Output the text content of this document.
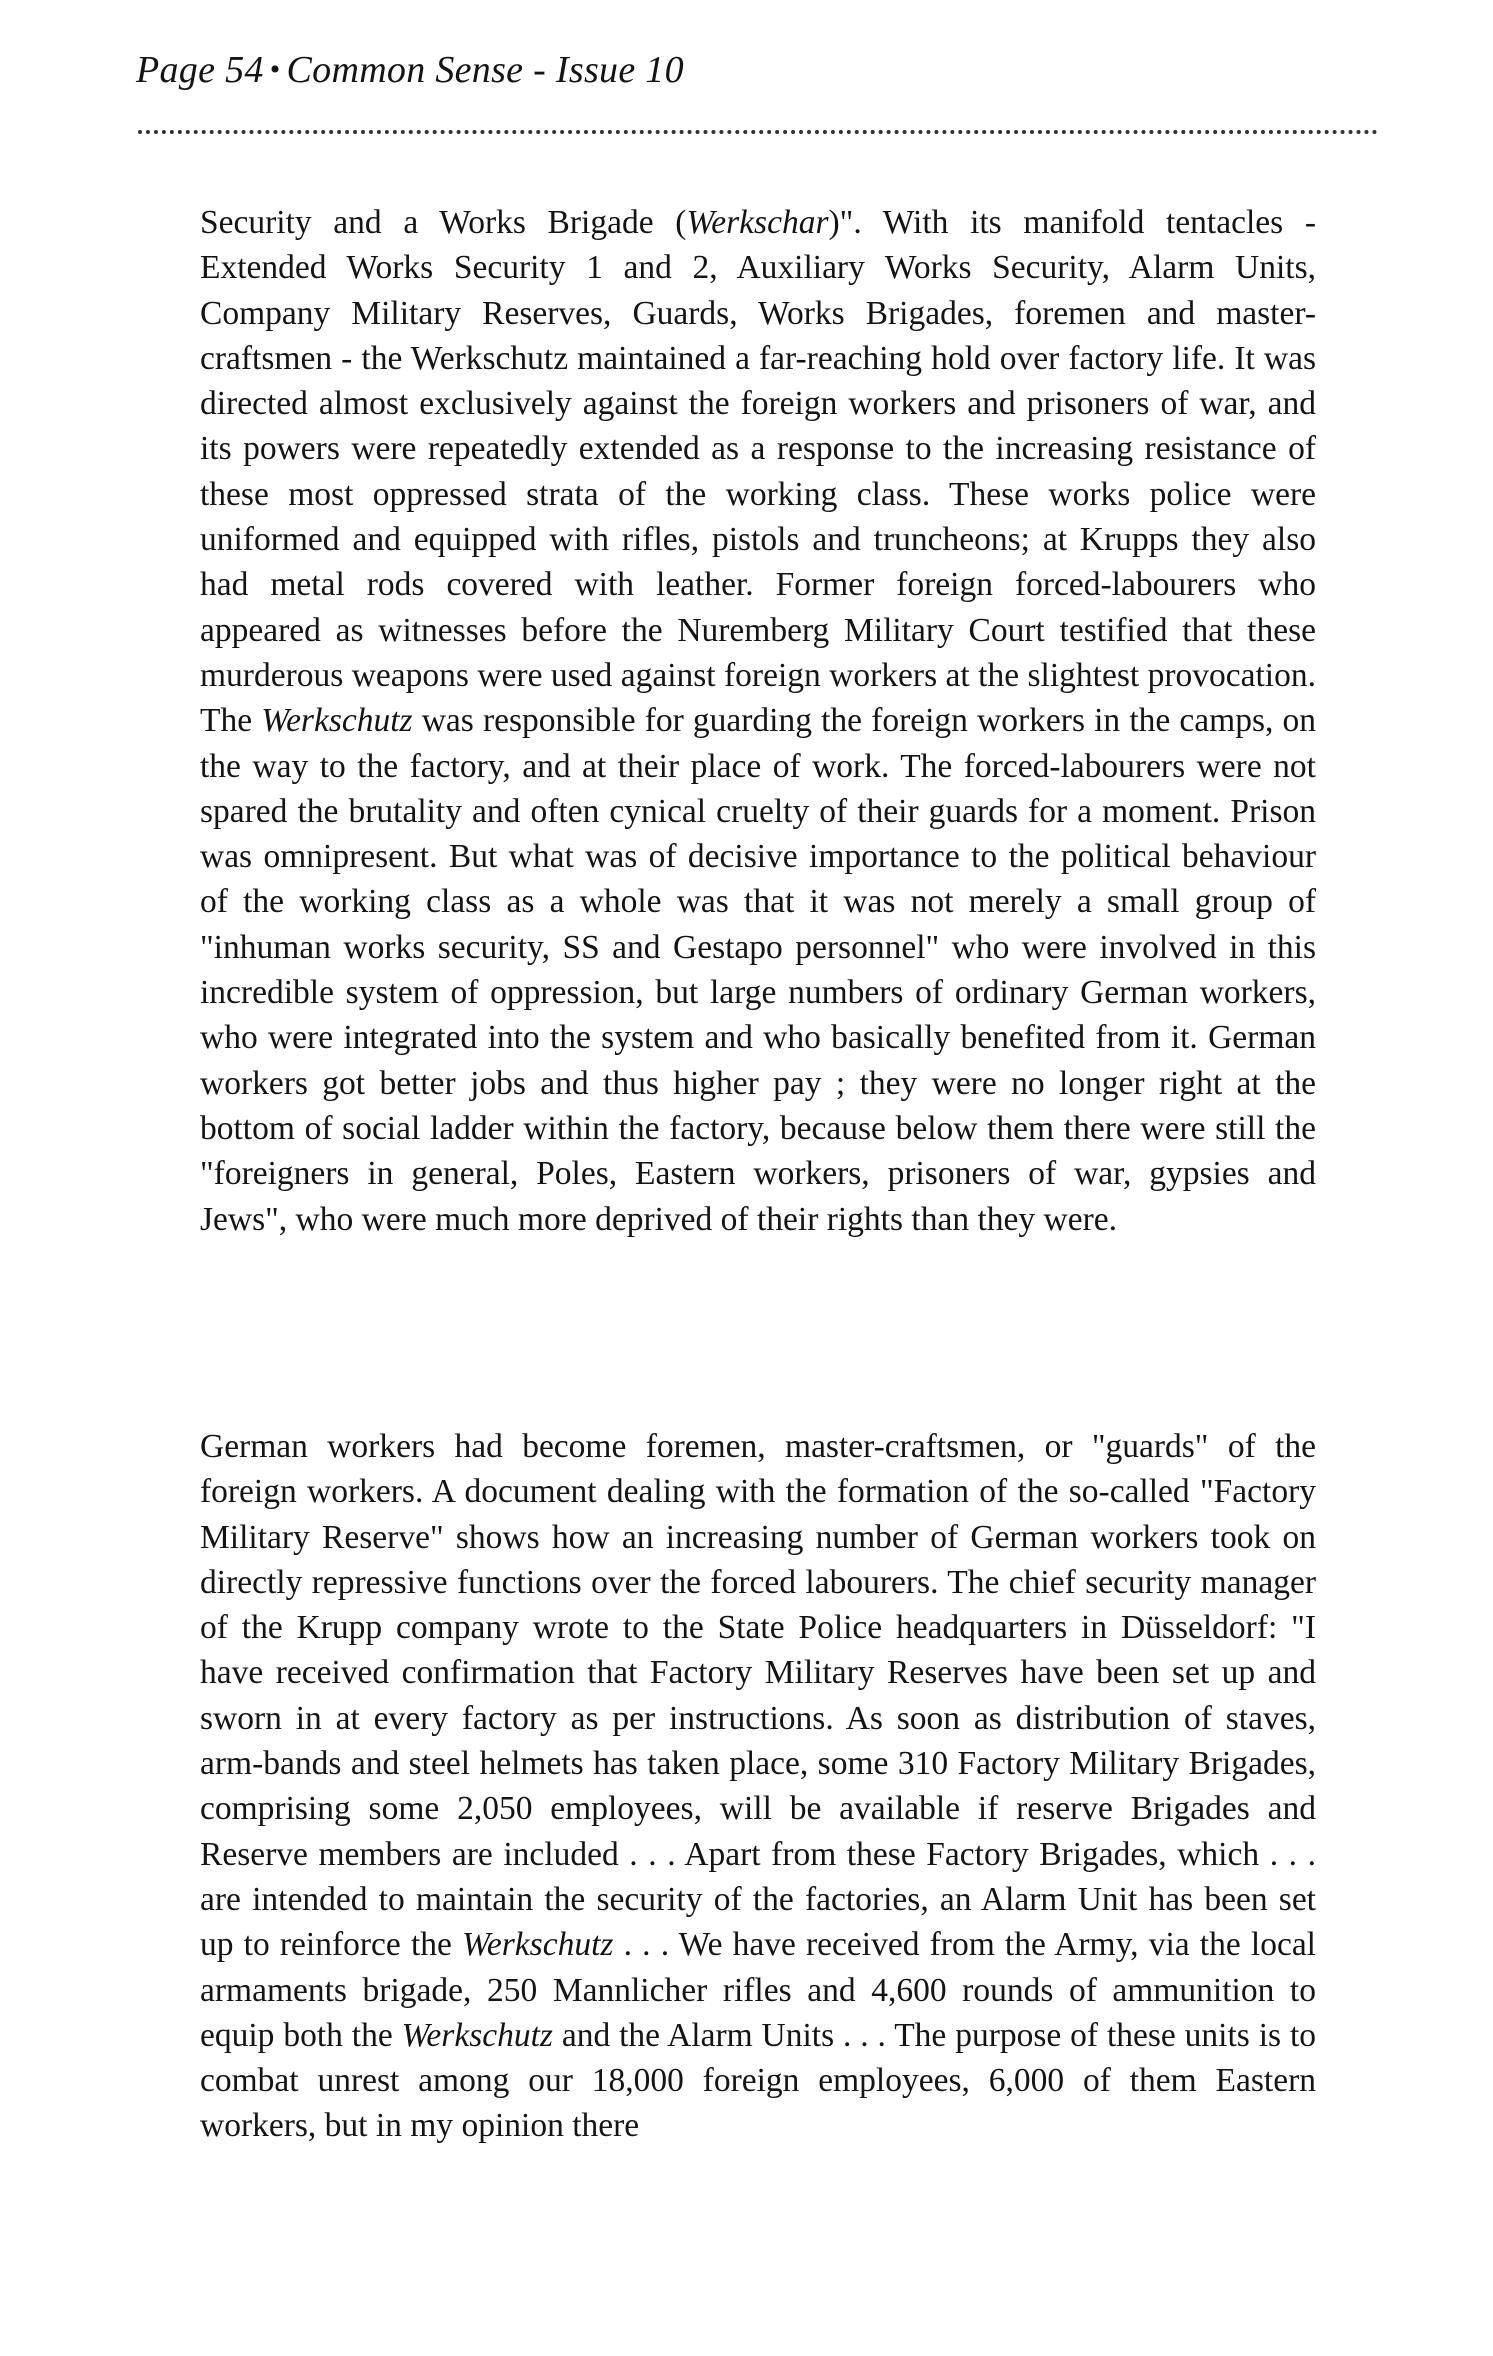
Page 54 • Common Sense - Issue 10

Security and a Works Brigade (Werkschar)". With its manifold tentacles - Extended Works Security 1 and 2, Auxiliary Works Security, Alarm Units, Company Military Reserves, Guards, Works Brigades, foremen and master-craftsmen - the Werkschutz maintained a far-reaching hold over factory life. It was directed almost exclusively against the foreign workers and prisoners of war, and its powers were repeatedly extended as a response to the increasing resistance of these most oppressed strata of the working class. These works police were uniformed and equipped with rifles, pistols and truncheons; at Krupps they also had metal rods covered with leather. Former foreign forced-labourers who appeared as witnesses before the Nuremberg Military Court testified that these murderous weapons were used against foreign workers at the slightest provocation. The Werkschutz was responsible for guarding the foreign workers in the camps, on the way to the factory, and at their place of work. The forced-labourers were not spared the brutality and often cynical cruelty of their guards for a moment. Prison was omnipresent. But what was of decisive importance to the political behaviour of the working class as a whole was that it was not merely a small group of "inhuman works security, SS and Gestapo personnel" who were involved in this incredible system of oppression, but large numbers of ordinary German workers, who were integrated into the system and who basically benefited from it. German workers got better jobs and thus higher pay ; they were no longer right at the bottom of social ladder within the factory, because below them there were still the "foreigners in general, Poles, Eastern workers, prisoners of war, gypsies and Jews", who were much more deprived of their rights than they were.

German workers had become foremen, master-craftsmen, or "guards" of the foreign workers. A document dealing with the formation of the so-called "Factory Military Reserve" shows how an increasing number of German workers took on directly repressive functions over the forced labourers. The chief security manager of the Krupp company wrote to the State Police headquarters in Düsseldorf: "I have received confirmation that Factory Military Reserves have been set up and sworn in at every factory as per instructions. As soon as distribution of staves, arm-bands and steel helmets has taken place, some 310 Factory Military Brigades, comprising some 2,050 employees, will be available if reserve Brigades and Reserve members are included . . . Apart from these Factory Brigades, which . . . are intended to maintain the security of the factories, an Alarm Unit has been set up to reinforce the Werkschutz . . . We have received from the Army, via the local armaments brigade, 250 Mannlicher rifles and 4,600 rounds of ammunition to equip both the Werkschutz and the Alarm Units . . . The purpose of these units is to combat unrest among our 18,000 foreign employees, 6,000 of them Eastern workers, but in my opinion there
